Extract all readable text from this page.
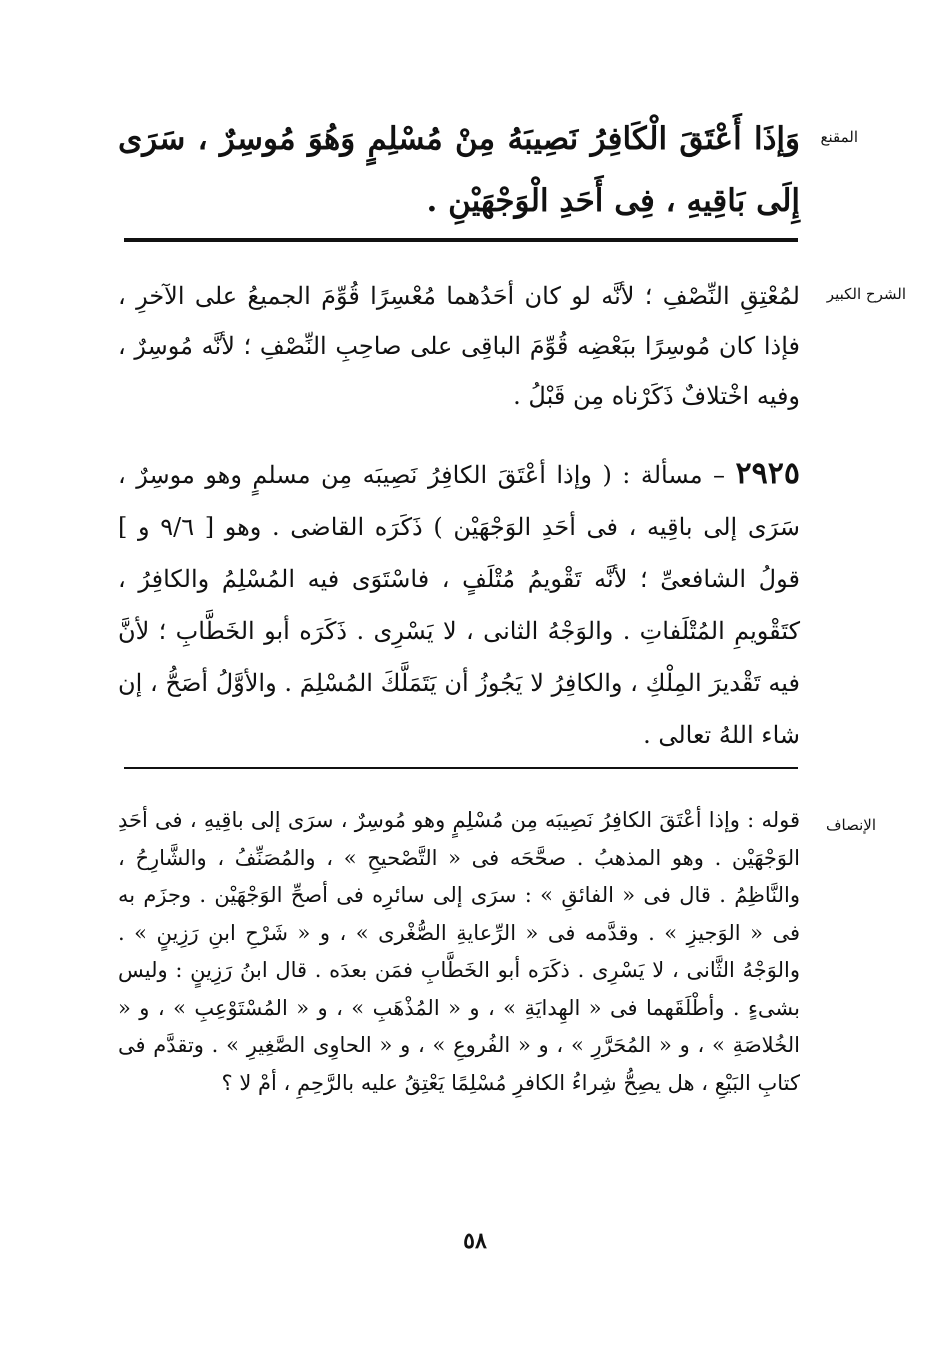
المقنع
وَإذَا أَعْتَقَ الْكَافِرُ نَصِيبَهُ مِنْ مُسْلِمٍ وَهُوَ مُوسِرٌ ، سَرَى إِلَى بَاقِيهِ ، فِى أَحَدِ الْوَجْهَيْنِ .
الشرح الكبير
لمُعْتِقِ النِّصْفِ ؛ لأنَّه لو كان أحَدُهما مُعْسِرًا قُوِّمَ الجميعُ على الآخرِ ، فإذا كان مُوسِرًا ببَعْضِه قُوِّمَ الباقِى على صاحِبِ النِّصْفِ ؛ لأنَّه مُوسِرٌ ، وفيه اخْتلافٌ ذَكَرْناه مِن قَبْلُ .
٢٩٢٥ – مسألة : ( وإذا أعْتَقَ الكافِرُ نَصِيبَه مِن مسلمٍ وهو موسِرٌ ، سَرَى إلى باقِيه ، فى أحَدِ الوَجْهَيْن ) ذَكَرَه القاضى . وهو [ ٩/٦ و ] قولُ الشافعىِّ ؛ لأنَّه تَقْويمُ مُتْلَفٍ ، فاسْتَوَى فيه المُسْلِمُ والكافِرُ ، كتَقْويمِ المُتْلَفاتِ . والوَجْهُ الثانى ، لا يَسْرِى . ذَكَرَه أبو الخَطَّابِ ؛ لأنَّ فيه تَقْديرَ المِلْكِ ، والكافِرُ لا يَجُوزُ أن يَتَمَلَّكَ المُسْلِمَ . والأوَّلُ أصَحُّ ، إن شاء اللهُ تعالى .
الإنصاف
قوله : وإذا أعْتَقَ الكافِرُ نَصِيبَه مِن مُسْلِمٍ وهو مُوسِرٌ ، سرَى إلى باقِيهِ ، فى أحَدِ الوَجْهَيْن . وهو المذهبُ . صحَّحَه فى « التَّصْحيحِ » ، والمُصَنِّفُ ، والشَّارِحُ ، والنَّاظِمُ . قال فى « الفائقِ » : سرَى إلى سائرِه فى أصحِّ الوَجْهَيْن . وجزَم به فى « الوَجيزِ » . وقدَّمه فى « الرِّعايةِ الصُّغْرى » ، و « شَرْحِ ابنِ رَزِينٍ » . والوَجْهُ الثَّانى ، لا يَسْرِى . ذكَرَه أبو الخَطَّابِ فمَن بعدَه . قال ابنُ رَزِينٍ : وليس بشىءٍ . وأطْلَقَهما فى « الهِدايَةِ » ، و « المُذْهَبِ » ، و « المُسْتَوْعِبِ » ، و « الخُلاصَةِ » ، و « المُحَرَّرِ » ، و « الفُروعِ » ، و « الحاوِى الصَّغِيرِ » . وتقدَّم فى كتابِ البَيْعِ ، هل يصِحُّ شِراءُ الكافرِ مُسْلِمًا يَعْتِقُ عليه بالرَّحِمِ ، أمْ لا ؟
٥٨
